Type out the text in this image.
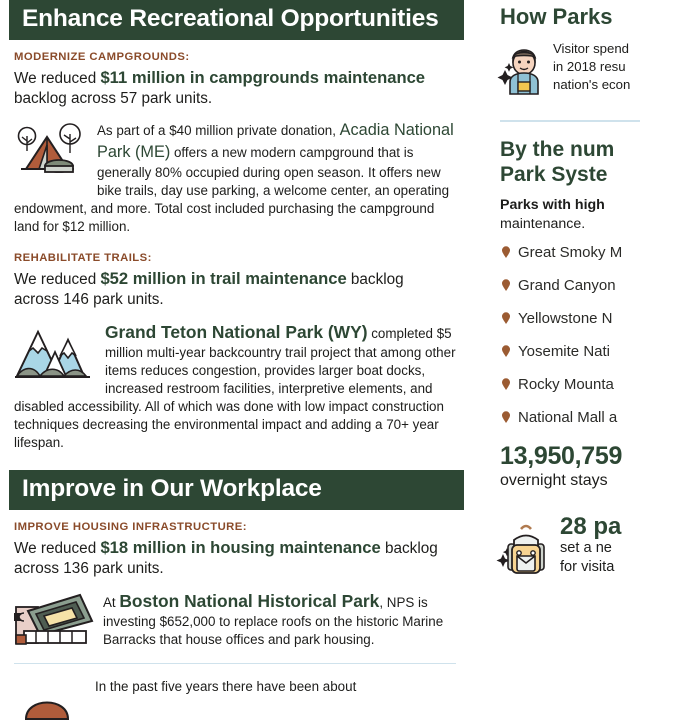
Enhance Recreational Opportunities
MODERNIZE CAMPGROUNDS:
We reduced $11 million in campgrounds maintenance backlog across 57 park units.
As part of a $40 million private donation, Acadia National Park (ME) offers a new modern campground that is generally 80% occupied during open season. It offers new bike trails, day use parking, a welcome center, an operating endowment, and more. Total cost included purchasing the campground land for $12 million.
REHABILITATE TRAILS:
We reduced $52 million in trail maintenance backlog across 146 park units.
Grand Teton National Park (WY) completed $5 million multi-year backcountry trail project that among other items reduces congestion, provides larger boat docks, increased restroom facilities, interpretive elements, and disabled accessibility. All of which was done with low impact construction techniques decreasing the environmental impact and adding a 70+ year lifespan.
Improve in Our Workplace
IMPROVE HOUSING INFRASTRUCTURE:
We reduced $18 million in housing maintenance backlog across 136 park units.
At Boston National Historical Park, NPS is investing $652,000 to replace roofs on the historic Marine Barracks that house offices and park housing.
In the past five years there have been about
How Parks
Visitor spend
in 2018 resu
nation's econ
By the num
Park Syste
Parks with high
maintenance.
Great Smoky M
Grand Canyon
Yellowstone N
Yosemite Nati
Rocky Mounta
National Mall a
13,950,759
overnight stays
28 pa
set a ne
for visita
